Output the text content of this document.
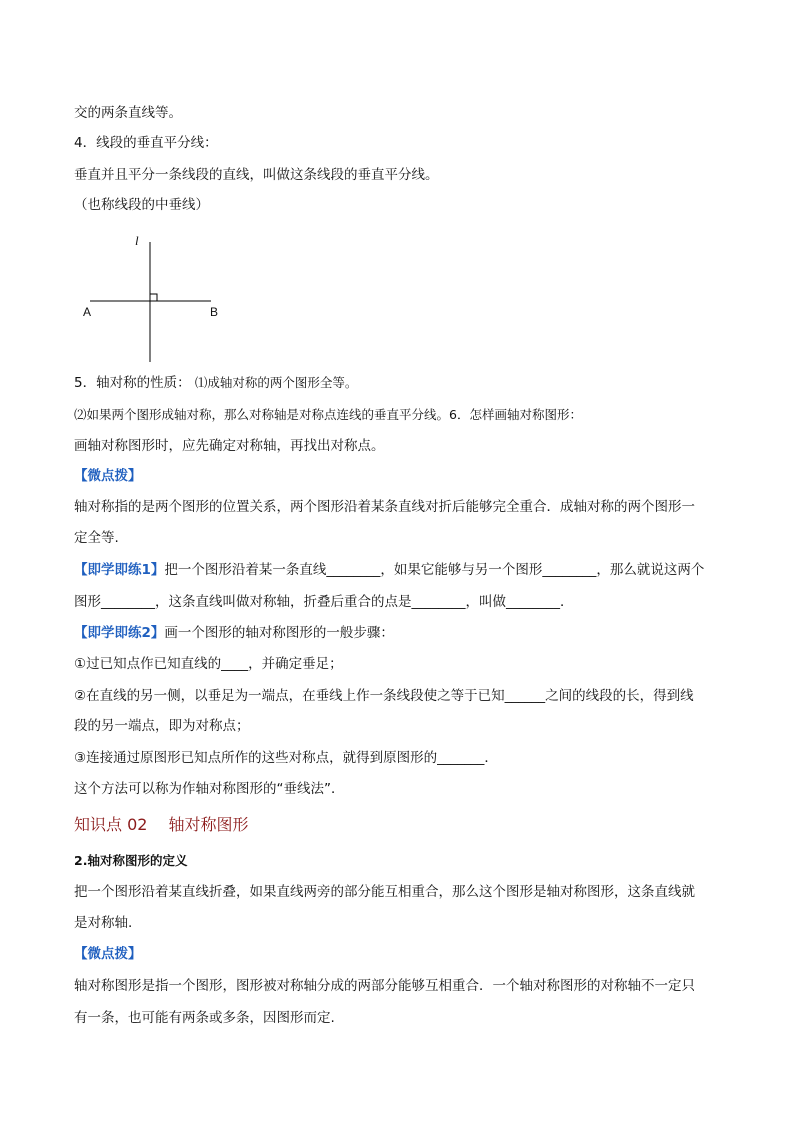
交的两条直线等。
4．线段的垂直平分线：
垂直并且平分一条线段的直线，叫做这条线段的垂直平分线。
（也称线段的中垂线）
l
A	B
5．轴对称的性质： ⑴成轴对称的两个图形全等。
⑵如果两个图形成轴对称，那么对称轴是对称点连线的垂直平分线。6．怎样画轴对称图形：
画轴对称图形时，应先确定对称轴，再找出对称点。
【微点拨】
轴对称指的是两个图形的位置关系，两个图形沿着某条直线对折后能够完全重合．成轴对称的两个图形一
定全等.
【即学即练1】把一个图形沿着某一条直线________，如果它能够与另一个图形________，那么就说这两个
图形________，这条直线叫做对称轴，折叠后重合的点是________，叫做________．
【即学即练2】画一个图形的轴对称图形的一般步骤：
①过已知点作已知直线的____，并确定垂足；
②在直线的另一侧，以垂足为一端点，在垂线上作一条线段使之等于已知______之间的线段的长，得到线
段的另一端点，即为对称点；
③连接通过原图形已知点所作的这些对称点，就得到原图形的_______．
这个方法可以称为作轴对称图形的“垂线法”．
知识点 02　 轴对称图形
2.轴对称图形的定义
把一个图形沿着某直线折叠，如果直线两旁的部分能互相重合，那么这个图形是轴对称图形，这条直线就
是对称轴.
【微点拨】
轴对称图形是指一个图形，图形被对称轴分成的两部分能够互相重合．一个轴对称图形的对称轴不一定只
有一条，也可能有两条或多条，因图形而定.
